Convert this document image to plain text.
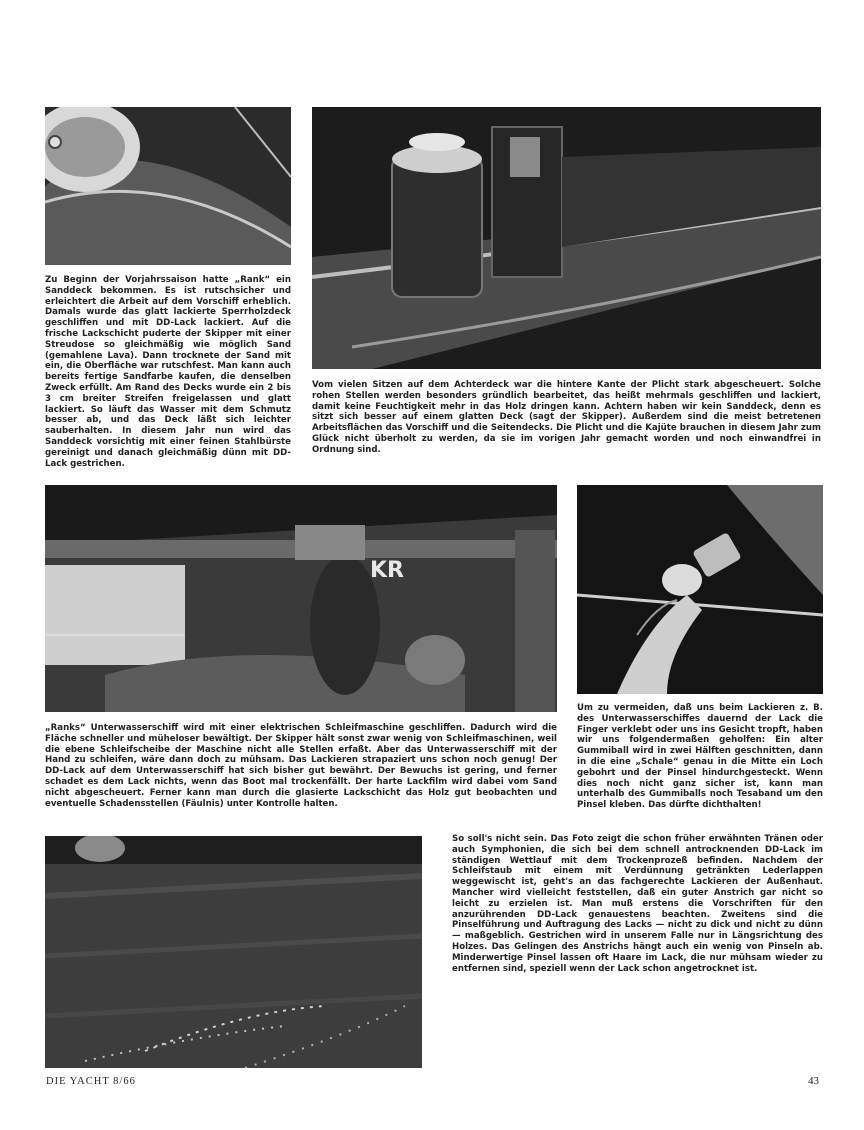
Zu Beginn der Vorjahrssaison hatte „Rank“ ein Sanddeck bekommen. Es ist rutschsicher und erleichtert die Arbeit auf dem Vorschiff erheblich. Damals wurde das glatt lackierte Sperrholzdeck geschliffen und mit DD-Lack lackiert. Auf die frische Lackschicht puderte der Skipper mit einer Streudose so gleichmäßig wie möglich Sand (gemahlene Lava). Dann trocknete der Sand mit ein, die Oberfläche war rutschfest. Man kann auch bereits fertige Sandfarbe kaufen, die denselben Zweck erfüllt. Am Rand des Decks wurde ein 2 bis 3 cm breiter Streifen freigelassen und glatt lackiert. So läuft das Wasser mit dem Schmutz besser ab, und das Deck läßt sich leichter sauberhalten. In diesem Jahr nun wird das Sanddeck vorsichtig mit einer feinen Stahlbürste gereinigt und danach gleichmäßig dünn mit DD-Lack gestrichen.

Vom vielen Sitzen auf dem Achterdeck war die hintere Kante der Plicht stark abgescheuert. Solche rohen Stellen werden besonders gründlich bearbeitet, das heißt mehrmals geschliffen und lackiert, damit keine Feuchtigkeit mehr in das Holz dringen kann. Achtern haben wir kein Sanddeck, denn es sitzt sich besser auf einem glatten Deck (sagt der Skipper). Außerdem sind die meist betretenen Arbeitsflächen das Vorschiff und die Seitendecks. Die Plicht und die Kajüte brauchen in diesem Jahr zum Glück nicht überholt zu werden, da sie im vorigen Jahr gemacht worden und noch einwandfrei in Ordnung sind.

KR

„Ranks“ Unterwasserschiff wird mit einer elektrischen Schleifmaschine geschliffen. Dadurch wird die Fläche schneller und müheloser bewältigt. Der Skipper hält sonst zwar wenig von Schleifmaschinen, weil die ebene Schleifscheibe der Maschine nicht alle Stellen erfaßt. Aber das Unterwasserschiff mit der Hand zu schleifen, wäre dann doch zu mühsam. Das Lackieren strapaziert uns schon noch genug! Der DD-Lack auf dem Unterwasserschiff hat sich bisher gut bewährt. Der Bewuchs ist gering, und ferner schadet es dem Lack nichts, wenn das Boot mal trockenfällt. Der harte Lackfilm wird dabei vom Sand nicht abgescheuert. Ferner kann man durch die glasierte Lackschicht das Holz gut beobachten und eventuelle Schadensstellen (Fäulnis) unter Kontrolle halten.

Um zu vermeiden, daß uns beim Lackieren z. B. des Unterwasserschiffes dauernd der Lack die Finger verklebt oder uns ins Gesicht tropft, haben wir uns folgendermaßen geholfen: Ein alter Gummiball wird in zwei Hälften geschnitten, dann in die eine „Schale“ genau in die Mitte ein Loch gebohrt und der Pinsel hindurchgesteckt. Wenn dies noch nicht ganz sicher ist, kann man unterhalb des Gummiballs noch Tesaband um den Pinsel kleben. Das dürfte dichthalten!

So soll's nicht sein. Das Foto zeigt die schon früher erwähnten Tränen oder auch Symphonien, die sich bei dem schnell antrocknenden DD-Lack im ständigen Wettlauf mit dem Trockenprozeß befinden. Nachdem der Schleifstaub mit einem mit Verdünnung getränkten Lederlappen weggewischt ist, geht's an das fachgerechte Lackieren der Außenhaut. Mancher wird vielleicht feststellen, daß ein guter Anstrich gar nicht so leicht zu erzielen ist. Man muß erstens die Vorschriften für den anzurührenden DD-Lack genauestens beachten. Zweitens sind die Pinselführung und Auftragung des Lacks — nicht zu dick und nicht zu dünn — maßgeblich. Gestrichen wird in unserem Falle nur in Längsrichtung des Holzes. Das Gelingen des Anstrichs hängt auch ein wenig von Pinseln ab. Minderwertige Pinsel lassen oft Haare im Lack, die nur mühsam wieder zu entfernen sind, speziell wenn der Lack schon angetrocknet ist.

DIE YACHT 8/66	43
